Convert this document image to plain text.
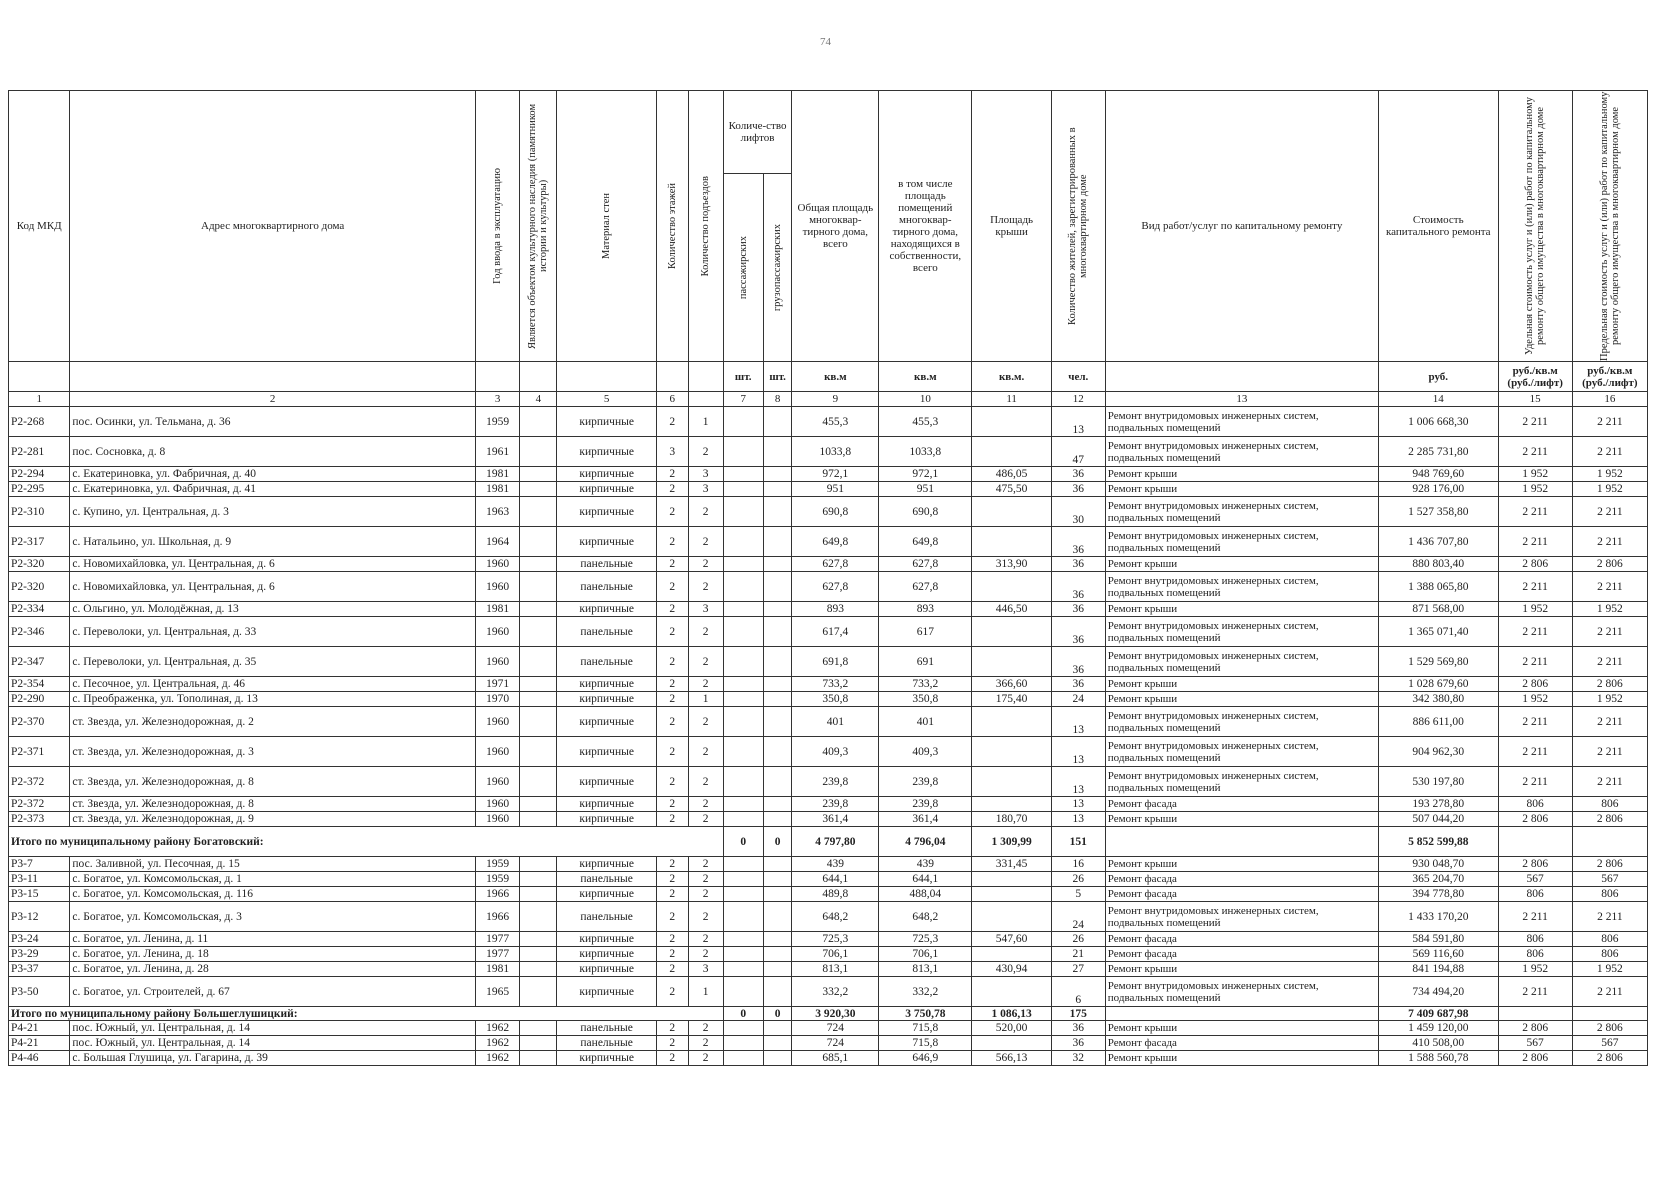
74
Код МКД	Адрес многоквартирного дома	Год ввода в эксплуатацию	Является объектом культурного наследия (памятником истории и культуры)	Материал стен	Количество этажей	Количество подъездов	Количе-ство лифтов		Общая площадь многоквар-тирного дома, всего	в том числе площадь помещений многоквар-тирного дома, находящихся в собственности, всего	Площадь крыши	Количество жителей, зарегистрированных в многоквартирном доме	Вид работ/услуг по капитальному ремонту	Стоимость капитального ремонта	Удельная стоимость услуг и (или) работ по капитальному ремонту общего имущества в многоквартирном доме	Предельная стоимость услуг и (или) работ по капитальному ремонту общего имущества в многоквартирном доме

							пассажирских	грузопассажирских								

							шт.	шт.	кв.м	кв.м	кв.м.	чел.		руб.	руб./кв.м (руб./лифт)	руб./кв.м (руб./лифт)
1	2	3	4	5	6		7	8	9	10	11	12	13	14	15	16
Р2-268	пос. Осинки, ул. Тельмана, д. 36	1959		кирпичные	2	1			455,3	455,3		13	Ремонт внутридомовых инженерных систем, подвальных помещений	1 006 668,30	2 211	2 211
Р2-281	пос. Сосновка, д. 8	1961		кирпичные	3	2			1033,8	1033,8		47	Ремонт внутридомовых инженерных систем, подвальных помещений	2 285 731,80	2 211	2 211
Р2-294	с. Екатериновка, ул. Фабричная, д. 40	1981		кирпичные	2	3			972,1	972,1	486,05	36	Ремонт крыши	948 769,60	1 952	1 952
Р2-295	с. Екатериновка, ул. Фабричная, д. 41	1981		кирпичные	2	3			951	951	475,50	36	Ремонт крыши	928 176,00	1 952	1 952
Р2-310	с. Купино, ул. Центральная, д. 3	1963		кирпичные	2	2			690,8	690,8		30	Ремонт внутридомовых инженерных систем, подвальных помещений	1 527 358,80	2 211	2 211
Р2-317	с. Натальино, ул. Школьная, д. 9	1964		кирпичные	2	2			649,8	649,8		36	Ремонт внутридомовых инженерных систем, подвальных помещений	1 436 707,80	2 211	2 211
Р2-320	с. Новомихайловка, ул. Центральная, д. 6	1960		панельные	2	2			627,8	627,8	313,90	36	Ремонт крыши	880 803,40	2 806	2 806
Р2-320	с. Новомихайловка, ул. Центральная, д. 6	1960		панельные	2	2			627,8	627,8		36	Ремонт внутридомовых инженерных систем, подвальных помещений	1 388 065,80	2 211	2 211
Р2-334	с. Ольгино, ул. Молодёжная, д. 13	1981		кирпичные	2	3			893	893	446,50	36	Ремонт крыши	871 568,00	1 952	1 952
Р2-346	с. Переволоки, ул. Центральная, д. 33	1960		панельные	2	2			617,4	617		36	Ремонт внутридомовых инженерных систем, подвальных помещений	1 365 071,40	2 211	2 211
Р2-347	с. Переволоки, ул. Центральная, д. 35	1960		панельные	2	2			691,8	691		36	Ремонт внутридомовых инженерных систем, подвальных помещений	1 529 569,80	2 211	2 211
Р2-354	с. Песочное, ул. Центральная, д. 46	1971		кирпичные	2	2			733,2	733,2	366,60	36	Ремонт крыши	1 028 679,60	2 806	2 806
Р2-290	с. Преображенка, ул. Тополиная, д. 13	1970		кирпичные	2	1			350,8	350,8	175,40	24	Ремонт крыши	342 380,80	1 952	1 952
Р2-370	ст. Звезда, ул. Железнодорожная, д. 2	1960		кирпичные	2	2			401	401		13	Ремонт внутридомовых инженерных систем, подвальных помещений	886 611,00	2 211	2 211
Р2-371	ст. Звезда, ул. Железнодорожная, д. 3	1960		кирпичные	2	2			409,3	409,3		13	Ремонт внутридомовых инженерных систем, подвальных помещений	904 962,30	2 211	2 211
Р2-372	ст. Звезда, ул. Железнодорожная, д. 8	1960		кирпичные	2	2			239,8	239,8		13	Ремонт внутридомовых инженерных систем, подвальных помещений	530 197,80	2 211	2 211
Р2-372	ст. Звезда, ул. Железнодорожная, д. 8	1960		кирпичные	2	2			239,8	239,8		13	Ремонт фасада	193 278,80	806	806
Р2-373	ст. Звезда, ул. Железнодорожная, д. 9	1960		кирпичные	2	2			361,4	361,4	180,70	13	Ремонт крыши	507 044,20	2 806	2 806
Итого по муниципальному району Богатовский:							0	0	4 797,80	4 796,04	1 309,99	151		5 852 599,88		
Р3-7	пос. Заливной, ул. Песочная, д. 15	1959		кирпичные	2	2			439	439	331,45	16	Ремонт крыши	930 048,70	2 806	2 806
Р3-11	с. Богатое, ул. Комсомольская, д. 1	1959		панельные	2	2			644,1	644,1		26	Ремонт фасада	365 204,70	567	567
Р3-15	с. Богатое, ул. Комсомольская, д. 116	1966		кирпичные	2	2			489,8	488,04		5	Ремонт фасада	394 778,80	806	806
Р3-12	с. Богатое, ул. Комсомольская, д. 3	1966		панельные	2	2			648,2	648,2		24	Ремонт внутридомовых инженерных систем, подвальных помещений	1 433 170,20	2 211	2 211
Р3-24	с. Богатое, ул. Ленина, д. 11	1977		кирпичные	2	2			725,3	725,3	547,60	26	Ремонт фасада	584 591,80	806	806
Р3-29	с. Богатое, ул. Ленина, д. 18	1977		кирпичные	2	2			706,1	706,1		21	Ремонт фасада	569 116,60	806	806
Р3-37	с. Богатое, ул. Ленина, д. 28	1981		кирпичные	2	3			813,1	813,1	430,94	27	Ремонт крыши	841 194,88	1 952	1 952
Р3-50	с. Богатое, ул. Строителей, д. 67	1965		кирпичные	2	1			332,2	332,2		6	Ремонт внутридомовых инженерных систем, подвальных помещений	734 494,20	2 211	2 211
Итого по муниципальному району Большеглушицкий:							0	0	3 920,30	3 750,78	1 086,13	175		7 409 687,98		
Р4-21	пос. Южный, ул. Центральная, д. 14	1962		панельные	2	2			724	715,8	520,00	36	Ремонт крыши	1 459 120,00	2 806	2 806
Р4-21	пос. Южный, ул. Центральная, д. 14	1962		панельные	2	2			724	715,8		36	Ремонт фасада	410 508,00	567	567
Р4-46	с. Большая Глушица, ул. Гагарина, д. 39	1962		кирпичные	2	2			685,1	646,9	566,13	32	Ремонт крыши	1 588 560,78	2 806	2 806
